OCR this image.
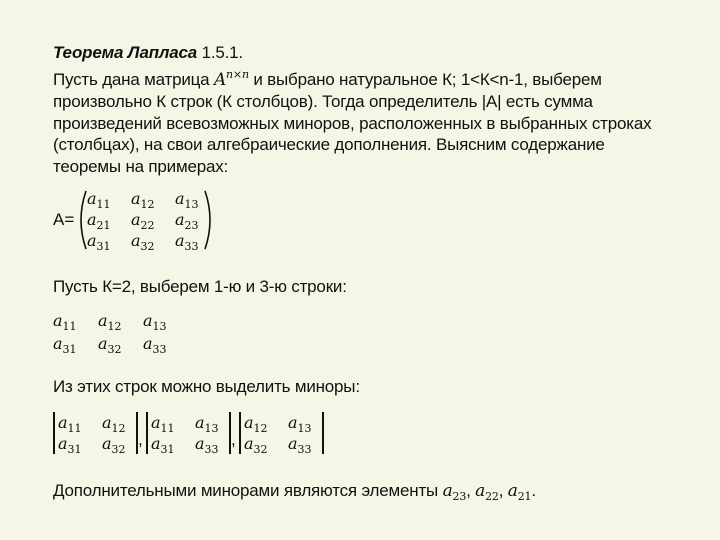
Теорема Лапласа 1.5.1.
Пусть дана матрица $A^{n\times n}$ и выбрано натуральное К; 1<К<n-1, выберем
произвольно К строк (К столбцов). Тогда определитель |A| есть сумма
произведений всевозможных миноров, расположенных в выбранных строках
(столбцах), на свои алгебраические дополнения. Выясним содержание
теоремы на примерах:
А=
$a_{11}$ $a_{12}$ $a_{13}$
$a_{21}$ $a_{22}$ $a_{23}$
$a_{31}$ $a_{32}$ $a_{33}$
Пусть К=2, выберем 1-ю и 3-ю строки:
$a_{11}$ $a_{12}$ $a_{13}$
$a_{31}$ $a_{32}$ $a_{33}$
Из этих строк можно выделить миноры:
$a_{11}$ $a_{12}$
$a_{31}$ $a_{32}$
,
$a_{11}$ $a_{13}$
$a_{31}$ $a_{33}$
,
$a_{12}$ $a_{13}$
$a_{32}$ $a_{33}$
Дополнительными минорами являются элементы $a_{23}$, $a_{22}$, $a_{21}$.
